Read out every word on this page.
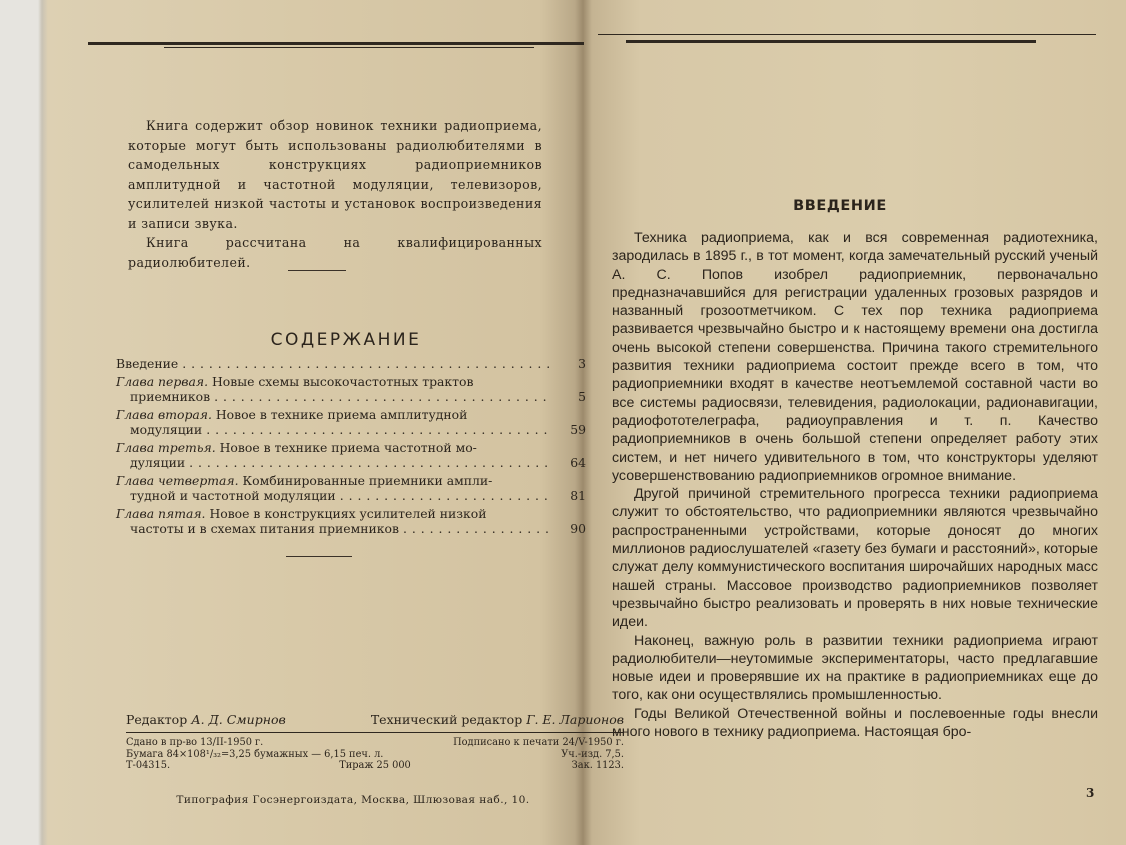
Книга содержит обзор новинок техники радиоприема, которые могут быть использованы радиолюбителями в самодельных конструкциях радиоприемников амплитудной и частотной модуляции, телевизоров, усилителей низкой частоты и установок воспроизведения и записи звука.

Книга рассчитана на квалифицированных радиолюбителей.

СОДЕРЖАНИЕ
Введение . . .	3
Глава первая. Новые схемы высокочастотных трактов
приемников . . .	5
Глава вторая. Новое в технике приема амплитудной
модуляции . . .	59
Глава третья. Новое в технике приема частотной мо-
дуляции . . .	64
Глава четвертая. Комбинированные приемники ампли-
тудной и частотной модуляции . . .	81
Глава пятая. Новое в конструкциях усилителей низкой
частоты и в схемах питания приемников . . .	90
Редактор А. Д. Смирнов	Технический редактор Г. Е. Ларионов
Сдано в пр-во 13/II-1950 г.
Бумага 84×108¹/₃₂=3,25 бумажных — 6,15 печ. л.
Т-04315.
Подписано к печати 24/V-1950 г.
Уч.-изд. 7,5.
Зак. 1123.
Тираж 25 000
Типография Госэнергоиздата, Москва, Шлюзовая наб., 10.
ВВЕДЕНИЕ

Техника радиоприема, как и вся современная радиотехника, зародилась в 1895 г., в тот момент, когда замечательный русский ученый А. С. Попов изобрел радиоприемник, первоначально предназначавшийся для регистрации удаленных грозовых разрядов и названный грозоотметчиком. С тех пор техника радиоприема развивается чрезвычайно быстро и к настоящему времени она достигла очень высокой степени совершенства. Причина такого стремительного развития техники радиоприема состоит прежде всего в том, что радиоприемники входят в качестве неотъемлемой составной части во все системы радиосвязи, телевидения, радиолокации, радионавигации, радиофототелеграфа, радиоуправления и т. п. Качество радиоприемников в очень большой степени определяет работу этих систем, и нет ничего удивительного в том, что конструкторы уделяют усовершенствованию радиоприемников огромное внимание.

Другой причиной стремительного прогресса техники радиоприема служит то обстоятельство, что радиоприемники являются чрезвычайно распространенными устройствами, которые доносят до многих миллионов радиослушателей «газету без бумаги и расстояний», которые служат делу коммунистического воспитания широчайших народных масс нашей страны. Массовое производство радиоприемников позволяет чрезвычайно быстро реализовать и проверять в них новые технические идеи.

Наконец, важную роль в развитии техники радиоприема играют радиолюбители—неутомимые экспериментаторы, часто предлагавшие новые идеи и проверявшие их на практике в радиоприемниках еще до того, как они осуществлялись промышленностью.

Годы Великой Отечественной войны и послевоенные годы внесли много нового в технику радиоприема. Настоящая бро-

3
